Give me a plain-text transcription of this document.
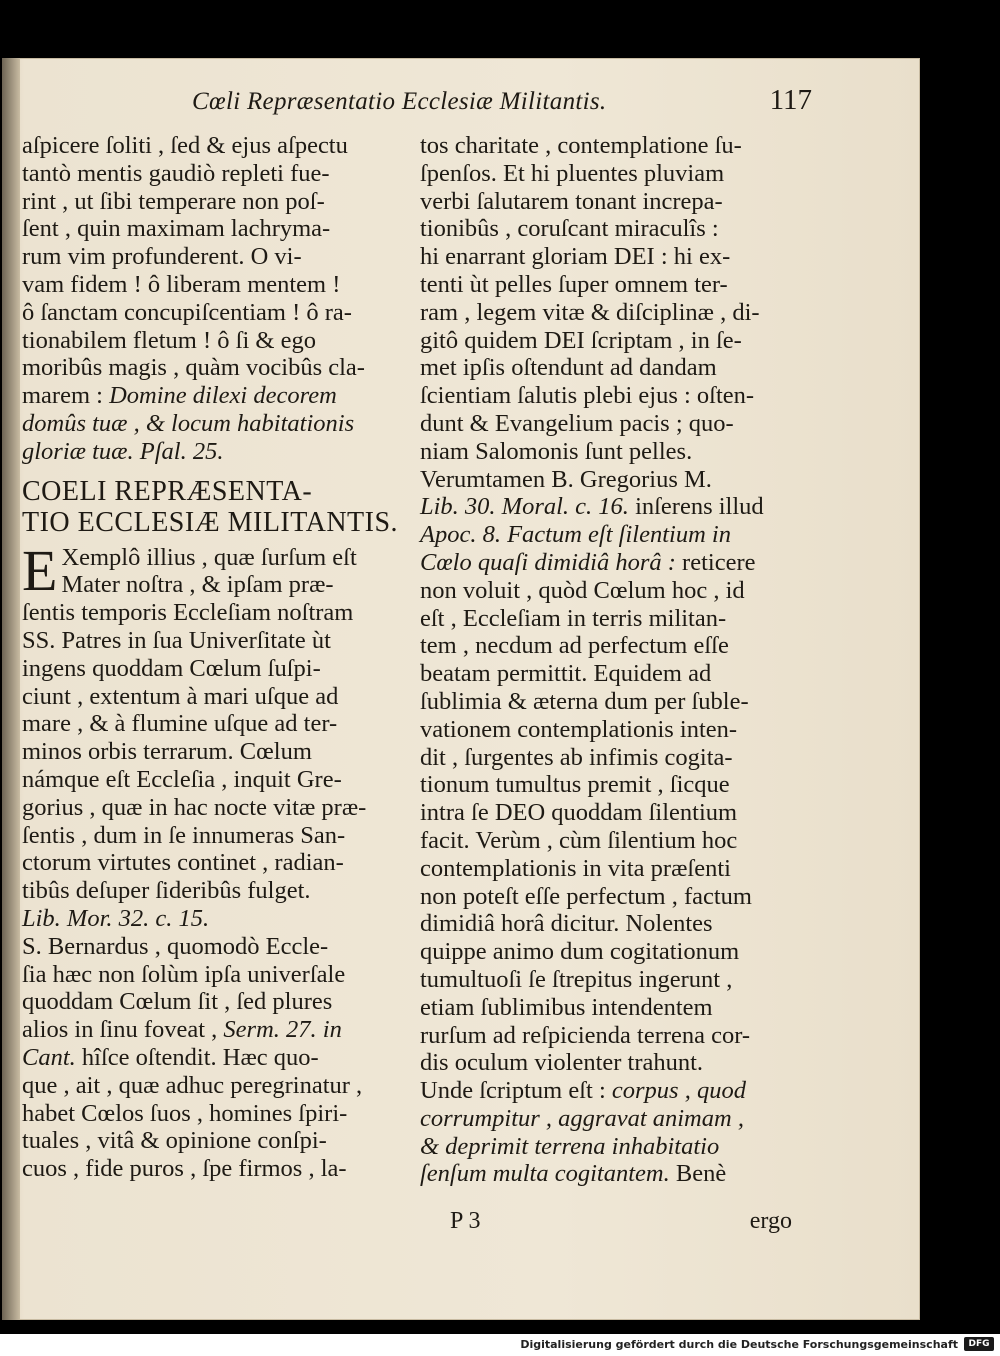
Cœli Repræsentatio Ecclesiæ Militantis.	117
aſpicere ſoliti , ſed & ejus aſpectu
tantò mentis gaudiò repleti fue-
rint , ut ſibi temperare non poſ-
ſent , quin maximam lachryma-
rum vim profunderent. O vi-
vam fidem ! ô liberam mentem !
ô ſanctam concupiſcentiam ! ô ra-
tionabilem fletum ! ô ſi & ego
moribûs magis , quàm vocibûs cla-
marem : Domine dilexi decorem
domûs tuæ , & locum habitationis
gloriæ tuæ. Pſal. 25.
COELI REPRÆSENTA-
TIO ECCLESIÆ MILITANTIS.
E Xemplô illius , quæ ſurſum eſt
Mater noſtra , & ipſam præ-
ſentis temporis Eccleſiam noſtram
SS. Patres in ſua Univerſitate ùt
ingens quoddam Cœlum ſuſpi-
ciunt , extentum à mari uſque ad
mare , & à flumine uſque ad ter-
minos orbis terrarum. Cœlum
námque eſt Eccleſia , inquit Gre-
gorius , quæ in hac nocte vitæ præ-
ſentis , dum in ſe innumeras San-
ctorum virtutes continet , radian-
tibûs deſuper ſideribûs fulget.
Lib. Mor. 32. c. 15.
S. Bernardus , quomodò Eccle-
ſia hæc non ſolùm ipſa univerſale
quoddam Cœlum ſit , ſed plures
alios in ſinu foveat , Serm. 27. in
Cant. hîſce oſtendit. Hæc quo-
que , ait , quæ adhuc peregrinatur ,
habet Cœlos ſuos , homines ſpiri-
tuales , vitâ & opinione conſpi-
cuos , fide puros , ſpe firmos , la-
tos charitate , contemplatione ſu-
ſpenſos. Et hi pluentes pluviam
verbi ſalutarem tonant increpa-
tionibûs , coruſcant miraculîs :
hi enarrant gloriam DEI : hi ex-
tenti ùt pelles ſuper omnem ter-
ram , legem vitæ & diſciplinæ , di-
gitô quidem DEI ſcriptam , in ſe-
met ipſis oſtendunt ad dandam
ſcientiam ſalutis plebi ejus : oſten-
dunt & Evangelium pacis ; quo-
niam Salomonis ſunt pelles.
Verumtamen B. Gregorius M.
Lib. 30. Moral. c. 16. inſerens illud
Apoc. 8. Factum eſt ſilentium in
Cœlo quaſi dimidiâ horâ : reticere
non voluit , quòd Cœlum hoc , id
eſt , Eccleſiam in terris militan-
tem , necdum ad perfectum eſſe
beatam permittit. Equidem ad
ſublimia & æterna dum per ſuble-
vationem contemplationis inten-
dit , ſurgentes ab infimis cogita-
tionum tumultus premit , ſicque
intra ſe DEO quoddam ſilentium
facit. Verùm , cùm ſilentium hoc
contemplationis in vita præſenti
non poteſt eſſe perfectum , factum
dimidiâ horâ dicitur. Nolentes
quippe animo dum cogitationum
tumultuoſi ſe ſtrepitus ingerunt ,
etiam ſublimibus intendentem
rurſum ad reſpicienda terrena cor-
dis oculum violenter trahunt.
Unde ſcriptum eſt : corpus , quod
corrumpitur , aggravat animam ,
& deprimit terrena inhabitatio
ſenſum multa cogitantem. Benè
P 3	ergo
Digitalisierung gefördert durch die Deutsche Forschungsgemeinschaft	DFG
